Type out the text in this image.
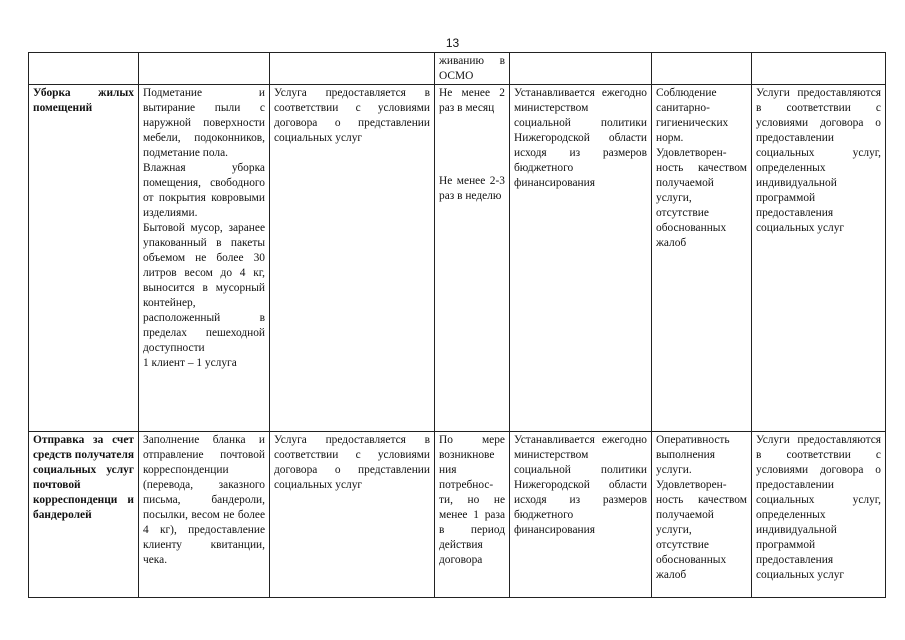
13
			живанию в ОСМО			
Уборка жилых помещений	Подметание и вытирание пыли с наружной поверхности мебели, подоконников, подметание пола.
Влажная уборка помещения, свободного от покрытия ковровыми изделиями.
Бытовой мусор, заранее упакованный в пакеты объемом не более 30 литров весом до 4 кг, выносится в мусорный контейнер, расположенный в пределах пешеходной доступности
1 клиент – 1 услуга	Услуга предоставляется в соответствии с условиями договора о представлении социальных услуг	Не менее 2 раз в месяц
Не менее 2-3 раз в неделю	Устанавливается ежегодно министерством социальной политики Нижегородской области исходя из размеров бюджетного финансирования	Соблюдение санитарно-гигиенических норм. Удовлетворен-ность качеством получаемой услуги, отсутствие обоснованных жалоб	Услуги предоставляются в соответствии с условиями договора о предоставлении социальных услуг, определенных индивидуальной программой предоставления социальных услуг
Отправка за счет средств получателя социальных услуг почтовой корреспонденци и бандеролей	Заполнение бланка и отправление почтовой корреспонденции (перевода, заказного письма, бандероли, посылки, весом не более 4 кг), предоставление клиенту квитанции, чека.	Услуга предоставляется в соответствии с условиями договора о представлении социальных услуг	По мере возникнове ния потребнос-ти, но не менее 1 раза в период действия договора	Устанавливается ежегодно министерством социальной политики Нижегородской области исходя из размеров бюджетного финансирования	Оперативность выполнения услуги. Удовлетворен-ность качеством получаемой услуги, отсутствие обоснованных жалоб	Услуги предоставляются в соответствии с условиями договора о предоставлении социальных услуг, определенных индивидуальной программой предоставления социальных услуг
